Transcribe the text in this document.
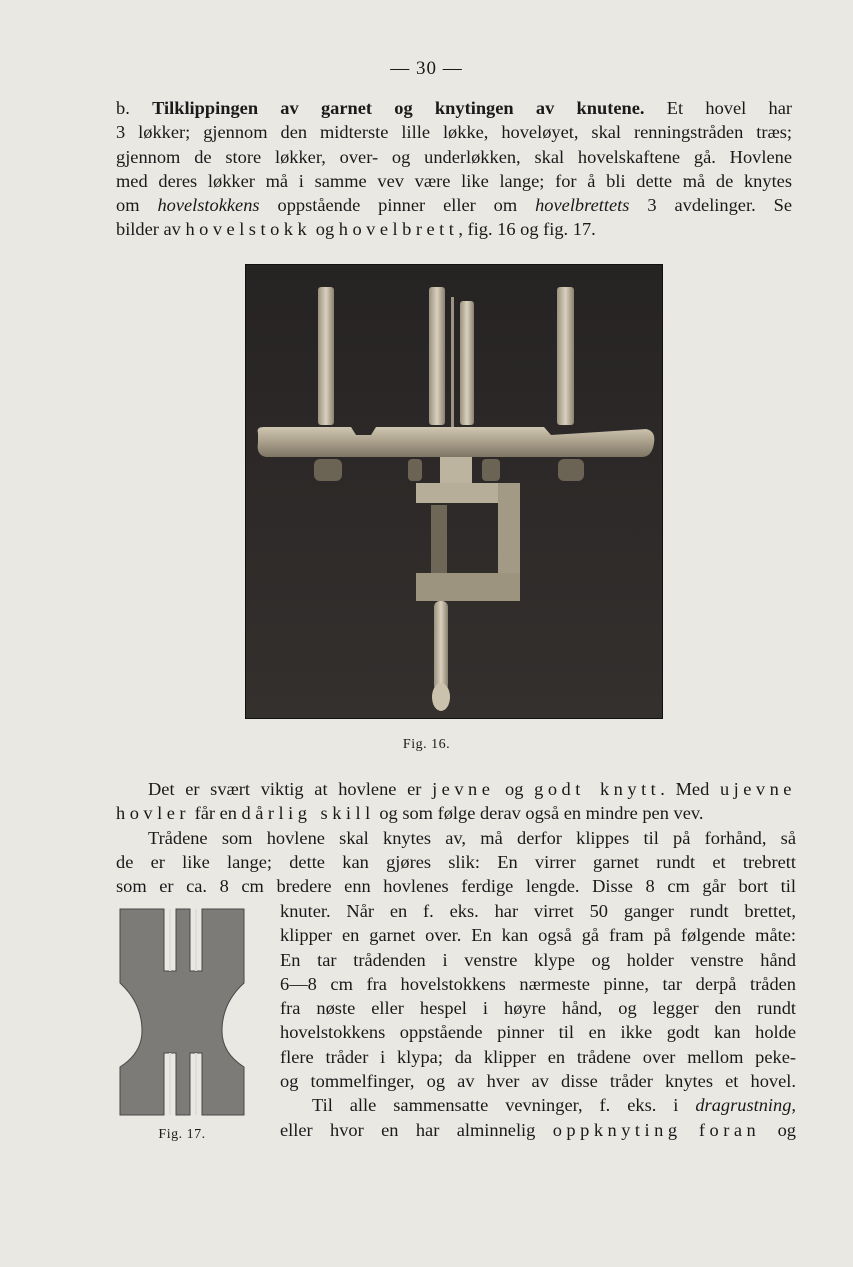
— 30 —
b. Tilklippingen av garnet og knytingen av knutene. Et hovel har
3 løkker; gjennom den midterste lille løkke, hoveløyet, skal renningstråden træs;
gjennom de store løkker, over- og underløkken, skal hovelskaftene gå. Hovlene
med deres løkker må i samme vev være like lange; for å bli dette må de knytes
om hovelstokkens oppstående pinner eller om hovelbrettets 3 avdelinger. Se
bilder av hovelstokk og hovelbrett, fig. 16 og fig. 17.
Fig. 16.
Det er svært viktig at hovlene er jevne og godt knytt. Med ujevne
hovler får en dårlig skill og som følge derav også en mindre pen vev.
Trådene som hovlene skal knytes av, må derfor klippes til på forhånd, så
de er like lange; dette kan gjøres slik: En virrer garnet rundt et trebrett
som er ca. 8 cm bredere enn hovlenes ferdige lengde. Disse 8 cm går bort til
knuter. Når en f. eks. har virret 50 ganger rundt brettet,
klipper en garnet over. En kan også gå fram på følgende måte:
En tar trådenden i venstre klype og holder venstre hånd
6—8 cm fra hovelstokkens nærmeste pinne, tar derpå tråden
fra nøste eller hespel i høyre hånd, og legger den rundt
hovelstokkens oppstående pinner til en ikke godt kan holde
flere tråder i klypa; da klipper en trådene over mellom peke-
og tommelfinger, og av hver av disse tråder knytes et hovel.
Til alle sammensatte vevninger, f. eks. i dragrustning,
eller hvor en har alminnelig oppknyting foran og
Fig. 17.
